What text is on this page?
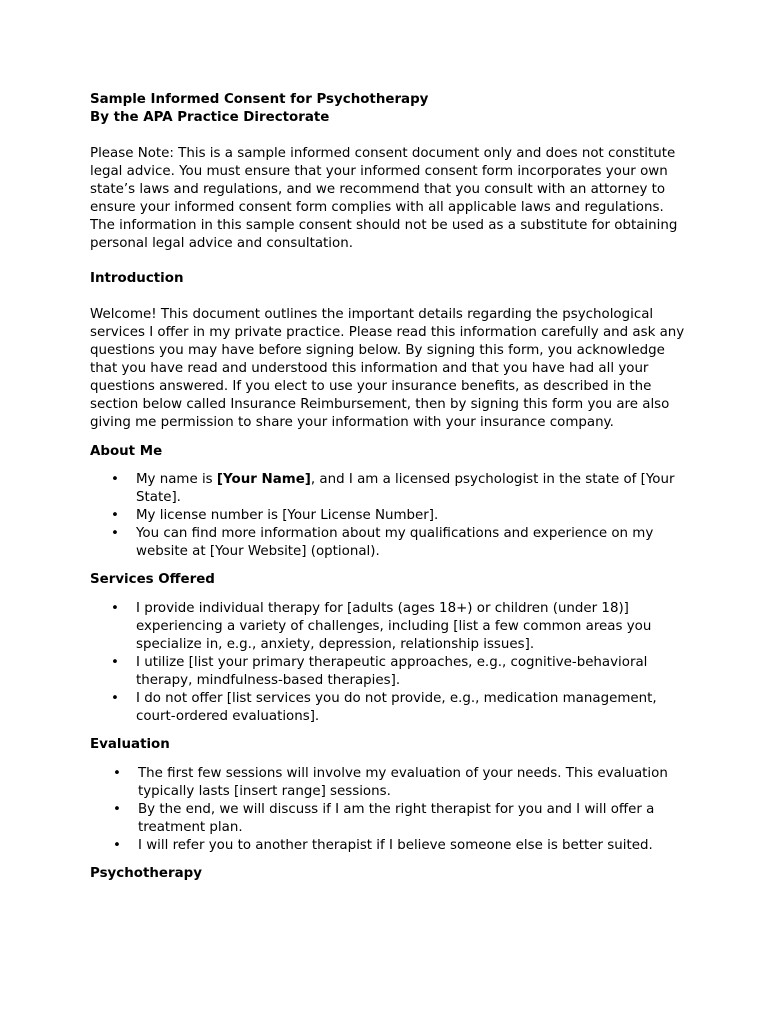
Sample Informed Consent for Psychotherapy

By the APA Practice Directorate

Please Note: This is a sample informed consent document only and does not constitute legal advice. You must ensure that your informed consent form incorporates your own state’s laws and regulations, and we recommend that you consult with an attorney to ensure your informed consent form complies with all applicable laws and regulations. The information in this sample consent should not be used as a substitute for obtaining personal legal advice and consultation.

Introduction

Welcome! This document outlines the important details regarding the psychological services I offer in my private practice. Please read this information carefully and ask any questions you may have before signing below. By signing this form, you acknowledge that you have read and understood this information and that you have had all your questions answered. If you elect to use your insurance benefits, as described in the section below called Insurance Reimbursement, then by signing this form you are also giving me permission to share your information with your insurance company.

About Me
• My name is [Your Name], and I am a licensed psychologist in the state of [Your State].
• My license number is [Your License Number].
• You can find more information about my qualifications and experience on my website at [Your Website] (optional).
Services Offered
• I provide individual therapy for [adults (ages 18+) or children (under 18)] experiencing a variety of challenges, including [list a few common areas you specialize in, e.g., anxiety, depression, relationship issues].
• I utilize [list your primary therapeutic approaches, e.g., cognitive-behavioral therapy, mindfulness-based therapies].
• I do not offer [list services you do not provide, e.g., medication management, court-ordered evaluations].
Evaluation
• The first few sessions will involve my evaluation of your needs. This evaluation typically lasts [insert range] sessions.
• By the end, we will discuss if I am the right therapist for you and I will offer a treatment plan.
• I will refer you to another therapist if I believe someone else is better suited.
Psychotherapy
